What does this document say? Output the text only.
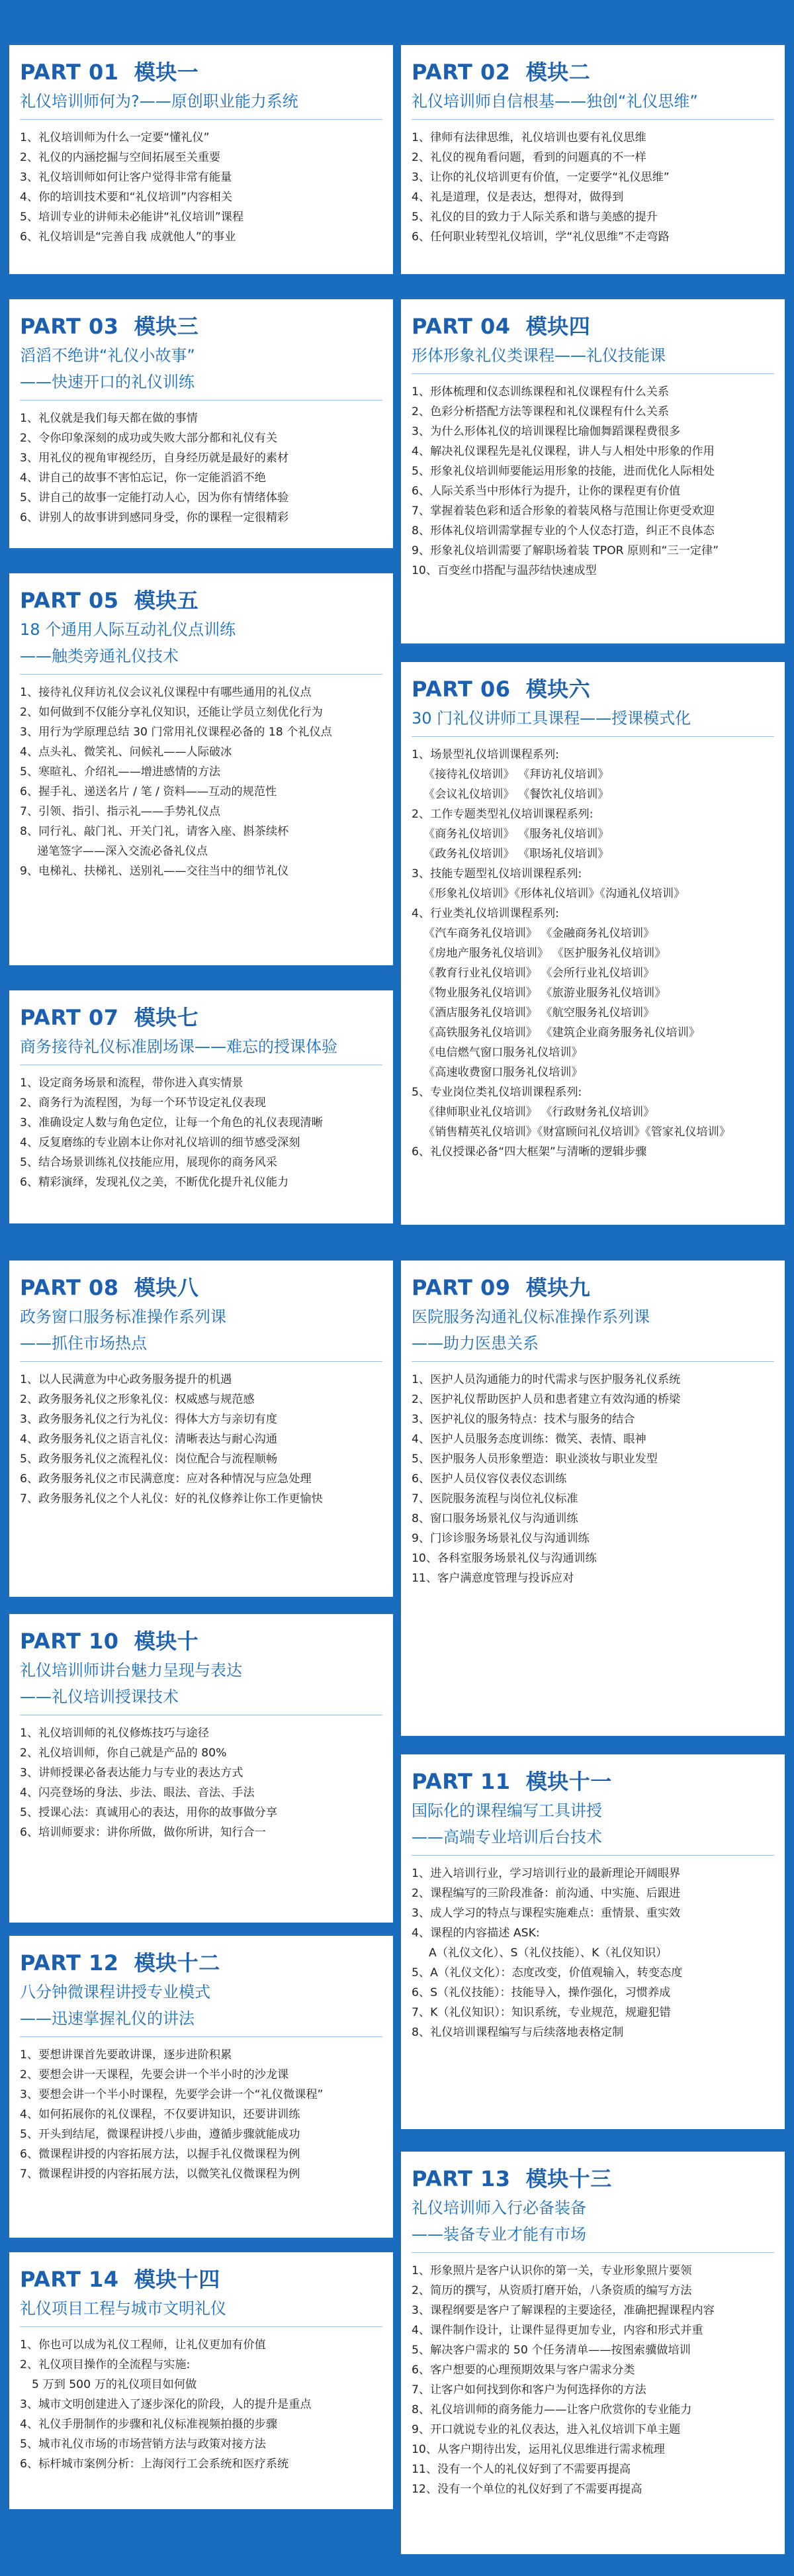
PART 01 模块一
礼仪培训师何为?——原创职业能力系统
1、礼仪培训师为什么一定要“懂礼仪”
2、礼仪的内涵挖掘与空间拓展至关重要
3、礼仪培训师如何让客户觉得非常有能量
4、你的培训技术要和“礼仪培训”内容相关
5、培训专业的讲师未必能讲“礼仪培训”课程
6、礼仪培训是“完善自我 成就他人”的事业
PART 03 模块三
滔滔不绝讲“礼仪小故事”
——快速开口的礼仪训练
1、礼仪就是我们每天都在做的事情
2、令你印象深刻的成功或失败大部分都和礼仪有关
3、用礼仪的视角审视经历，自身经历就是最好的素材
4、讲自己的故事不害怕忘记，你一定能滔滔不绝
5、讲自己的故事一定能打动人心，因为你有情绪体验
6、讲别人的故事讲到感同身受，你的课程一定很精彩
PART 05 模块五
18 个通用人际互动礼仪点训练
——触类旁通礼仪技术
1、接待礼仪拜访礼仪会议礼仪课程中有哪些通用的礼仪点
2、如何做到不仅能分享礼仪知识，还能让学员立刻优化行为
3、用行为学原理总结 30 门常用礼仪课程必备的 18 个礼仪点
4、点头礼、微笑礼、问候礼——人际破冰
5、寒暄礼、介绍礼——增进感情的方法
6、握手礼、递送名片 / 笔 / 资料——互动的规范性
7、引领、指引、指示礼——手势礼仪点
8、同行礼、敲门礼、开关门礼，请客入座、斟茶续杯
递笔签字——深入交流必备礼仪点
9、电梯礼、扶梯礼、送别礼——交往当中的细节礼仪
PART 07 模块七
商务接待礼仪标准剧场课——难忘的授课体验
1、设定商务场景和流程，带你进入真实情景
2、商务行为流程图，为每一个环节设定礼仪表现
3、准确设定人数与角色定位，让每一个角色的礼仪表现清晰
4、反复磨练的专业剧本让你对礼仪培训的细节感受深刻
5、结合场景训练礼仪技能应用，展现你的商务风采
6、精彩演绎，发现礼仪之美，不断优化提升礼仪能力
PART 08 模块八
政务窗口服务标准操作系列课
——抓住市场热点
1、以人民满意为中心政务服务提升的机遇
2、政务服务礼仪之形象礼仪：权威感与规范感
3、政务服务礼仪之行为礼仪：得体大方与亲切有度
4、政务服务礼仪之语言礼仪：清晰表达与耐心沟通
5、政务服务礼仪之流程礼仪：岗位配合与流程顺畅
6、政务服务礼仪之市民满意度：应对各种情况与应急处理
7、政务服务礼仪之个人礼仪：好的礼仪修养让你工作更愉快
PART 10 模块十
礼仪培训师讲台魅力呈现与表达
——礼仪培训授课技术
1、礼仪培训师的礼仪修炼技巧与途径
2、礼仪培训师，你自己就是产品的 80%
3、讲师授课必备表达能力与专业的表达方式
4、闪亮登场的身法、步法、眼法、音法、手法
5、授课心法：真诚用心的表达，用你的故事做分享
6、培训师要求：讲你所做，做你所讲，知行合一
PART 12 模块十二
八分钟微课程讲授专业模式
——迅速掌握礼仪的讲法
1、要想讲课首先要敢讲课，逐步进阶积累
2、要想会讲一天课程，先要会讲一个半小时的沙龙课
3、要想会讲一个半小时课程，先要学会讲一个“礼仪微课程”
4、如何拓展你的礼仪课程，不仅要讲知识，还要讲训练
5、开头到结尾，微课程讲授八步曲，遵循步骤就能成功
6、微课程讲授的内容拓展方法，以握手礼仪微课程为例
7、微课程讲授的内容拓展方法，以微笑礼仪微课程为例
PART 14 模块十四
礼仪项目工程与城市文明礼仪
1、你也可以成为礼仪工程师，让礼仪更加有价值
2、礼仪项目操作的全流程与实施:
5 万到 500 万的礼仪项目如何做
3、城市文明创建进入了逐步深化的阶段，人的提升是重点
4、礼仪手册制作的步骤和礼仪标准视频拍摄的步骤
5、城市礼仪市场的市场营销方法与政策对接方法
6、标杆城市案例分析：上海闵行工会系统和医疗系统
PART 02 模块二
礼仪培训师自信根基——独创“礼仪思维”
1、律师有法律思维，礼仪培训也要有礼仪思维
2、礼仪的视角看问题，看到的问题真的不一样
3、让你的礼仪培训更有价值，一定要学“礼仪思维”
4、礼是道理，仪是表达，想得对，做得到
5、礼仪的目的致力于人际关系和谐与美感的提升
6、任何职业转型礼仪培训，学“礼仪思维”不走弯路
PART 04 模块四
形体形象礼仪类课程——礼仪技能课
1、形体梳理和仪态训练课程和礼仪课程有什么关系
2、色彩分析搭配方法等课程和礼仪课程有什么关系
3、为什么形体礼仪的培训课程比瑜伽舞蹈课程费很多
4、解决礼仪课程先是礼仪课程，讲人与人相处中形象的作用
5、形象礼仪培训师要能运用形象的技能，进而优化人际相处
6、人际关系当中形体行为提升，让你的课程更有价值
7、掌握着装色彩和适合形象的着装风格与范围让你更受欢迎
8、形体礼仪培训需掌握专业的个人仪态打造，纠正不良体态
9、形象礼仪培训需要了解职场着装 TPOR 原则和“三一定律”
10、百变丝巾搭配与温莎结快速成型
PART 06 模块六
30 门礼仪讲师工具课程——授课模式化
1、场景型礼仪培训课程系列:
《接待礼仪培训》 《拜访礼仪培训》
《会议礼仪培训》 《餐饮礼仪培训》
2、工作专题类型礼仪培训课程系列:
《商务礼仪培训》 《服务礼仪培训》
《政务礼仪培训》 《职场礼仪培训》
3、技能专题型礼仪培训课程系列:
《形象礼仪培训》《形体礼仪培训》《沟通礼仪培训》
4、行业类礼仪培训课程系列:
《汽车商务礼仪培训》 《金融商务礼仪培训》
《房地产服务礼仪培训》 《医护服务礼仪培训》
《教育行业礼仪培训》 《会所行业礼仪培训》
《物业服务礼仪培训》 《旅游业服务礼仪培训》
《酒店服务礼仪培训》 《航空服务礼仪培训》
《高铁服务礼仪培训》 《建筑企业商务服务礼仪培训》
《电信燃气窗口服务礼仪培训》
《高速收费窗口服务礼仪培训》
5、专业岗位类礼仪培训课程系列:
《律师职业礼仪培训》 《行政财务礼仪培训》
《销售精英礼仪培训》《财富顾问礼仪培训》《管家礼仪培训》
6、礼仪授课必备“四大框架”与清晰的逻辑步骤
PART 09 模块九
医院服务沟通礼仪标准操作系列课
——助力医患关系
1、医护人员沟通能力的时代需求与医护服务礼仪系统
2、医护礼仪帮助医护人员和患者建立有效沟通的桥梁
3、医护礼仪的服务特点：技术与服务的结合
4、医护人员服务态度训练：微笑、表情、眼神
5、医护服务人员形象塑造：职业淡妆与职业发型
6、医护人员仪容仪表仪态训练
7、医院服务流程与岗位礼仪标准
8、窗口服务场景礼仪与沟通训练
9、门诊诊服务场景礼仪与沟通训练
10、各科室服务场景礼仪与沟通训练
11、客户满意度管理与投诉应对
PART 11 模块十一
国际化的课程编写工具讲授
——高端专业培训后台技术
1、进入培训行业，学习培训行业的最新理论开阔眼界
2、课程编写的三阶段准备：前沟通、中实施、后跟进
3、成人学习的特点与课程实施难点：重情景、重实效
4、课程的内容描述 ASK:
A（礼仪文化）、S（礼仪技能）、K（礼仪知识）
5、A（礼仪文化）：态度改变，价值观输入，转变态度
6、S（礼仪技能）：技能导入，操作强化，习惯养成
7、K（礼仪知识）：知识系统，专业规范，规避犯错
8、礼仪培训课程编写与后续落地表格定制
PART 13 模块十三
礼仪培训师入行必备装备
——装备专业才能有市场
1、形象照片是客户认识你的第一关，专业形象照片要领
2、简历的撰写，从资质打磨开始，八条资质的编写方法
3、课程纲要是客户了解课程的主要途径，准确把握课程内容
4、课件制作设计，让课件显得更加专业，内容和形式并重
5、解决客户需求的 50 个任务清单——按图索骥做培训
6、客户想要的心理预期效果与客户需求分类
7、让客户如何找到你和客户为何选择你的方法
8、礼仪培训师的商务能力——让客户欣赏你的专业能力
9、开口就说专业的礼仪表达，进入礼仪培训下单主题
10、从客户期待出发，运用礼仪思维进行需求梳理
11、没有一个人的礼仪好到了不需要再提高
12、没有一个单位的礼仪好到了不需要再提高
